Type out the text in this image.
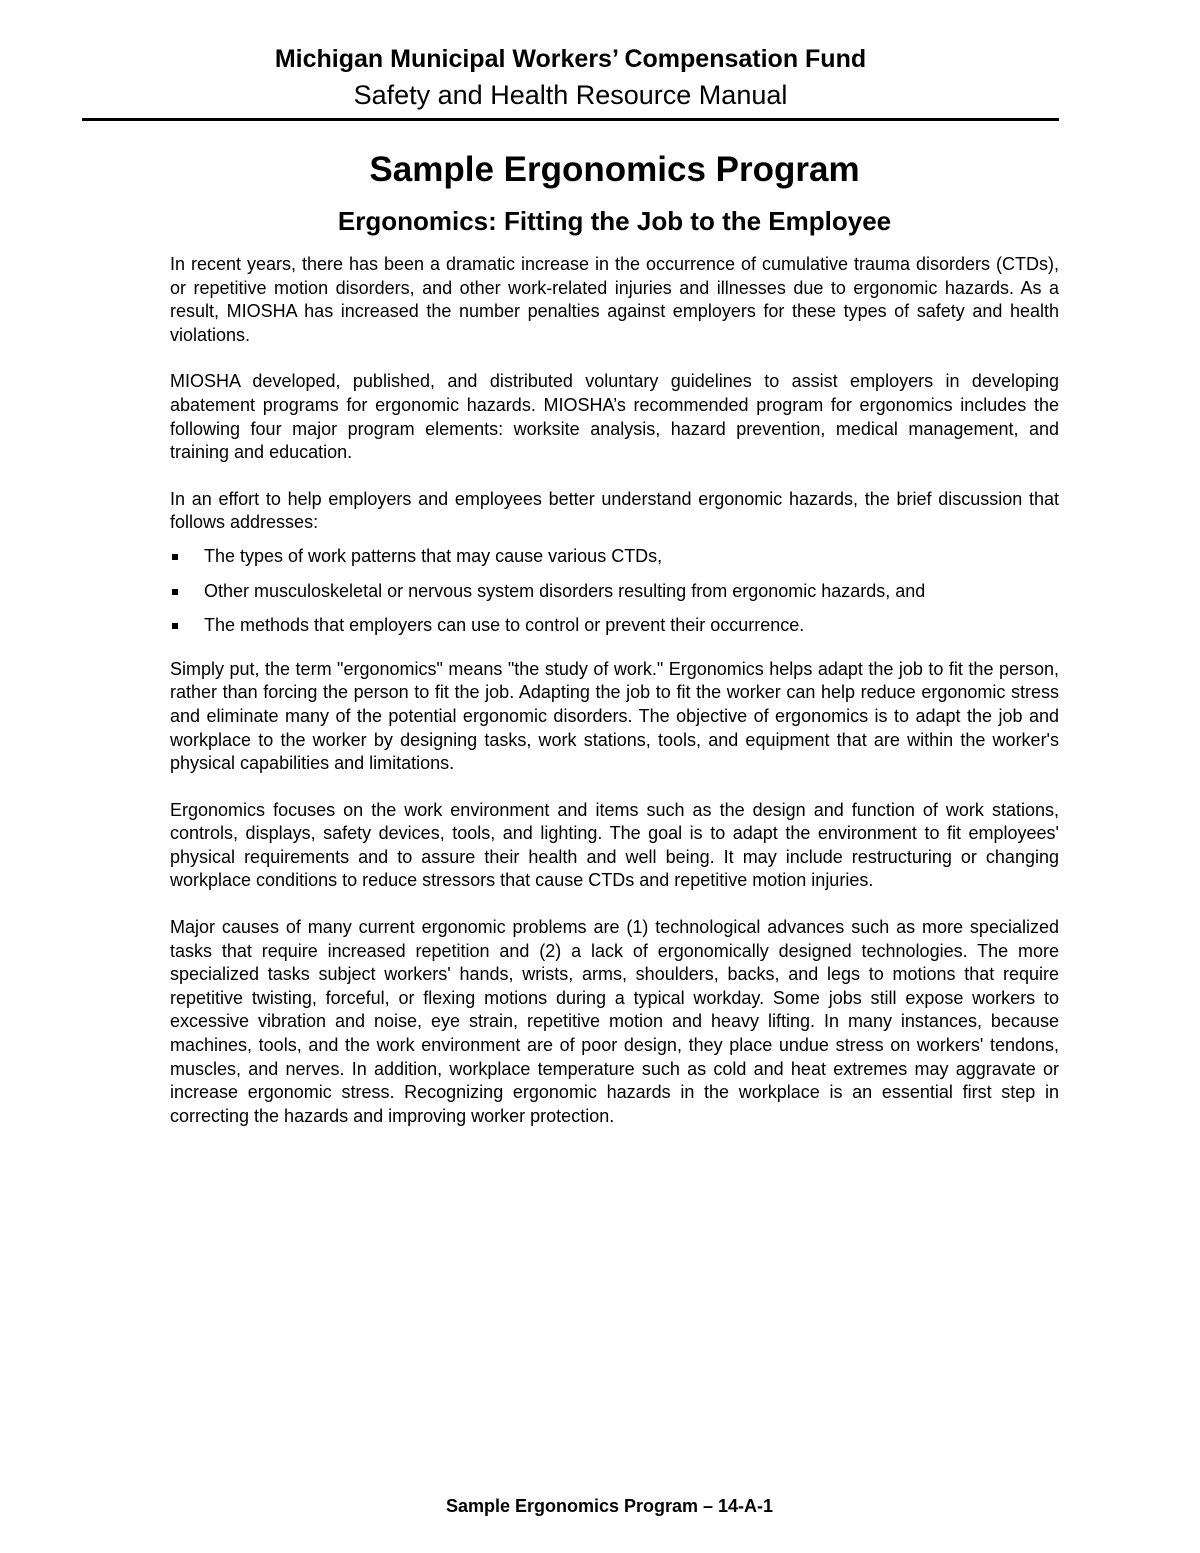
Michigan Municipal Workers’ Compensation Fund

Safety and Health Resource Manual

Sample Ergonomics Program
Ergonomics: Fitting the Job to the Employee

In recent years, there has been a dramatic increase in the occurrence of cumulative trauma disorders (CTDs), or repetitive motion disorders, and other work-related injuries and illnesses due to ergonomic hazards. As a result, MIOSHA has increased the number penalties against employers for these types of safety and health violations.

MIOSHA developed, published, and distributed voluntary guidelines to assist employers in developing abatement programs for ergonomic hazards. MIOSHA’s recommended program for ergonomics includes the following four major program elements: worksite analysis, hazard prevention, medical management, and training and education.

In an effort to help employers and employees better understand ergonomic hazards, the brief discussion that follows addresses:

The types of work patterns that may cause various CTDs,
Other musculoskeletal or nervous system disorders resulting from ergonomic hazards, and
The methods that employers can use to control or prevent their occurrence.

Simply put, the term "ergonomics" means "the study of work." Ergonomics helps adapt the job to fit the person, rather than forcing the person to fit the job. Adapting the job to fit the worker can help reduce ergonomic stress and eliminate many of the potential ergonomic disorders. The objective of ergonomics is to adapt the job and workplace to the worker by designing tasks, work stations, tools, and equipment that are within the worker's physical capabilities and limitations.

Ergonomics focuses on the work environment and items such as the design and function of work stations, controls, displays, safety devices, tools, and lighting. The goal is to adapt the environment to fit employees' physical requirements and to assure their health and well being. It may include restructuring or changing workplace conditions to reduce stressors that cause CTDs and repetitive motion injuries.

Major causes of many current ergonomic problems are (1) technological advances such as more specialized tasks that require increased repetition and (2) a lack of ergonomically designed technologies. The more specialized tasks subject workers' hands, wrists, arms, shoulders, backs, and legs to motions that require repetitive twisting, forceful, or flexing motions during a typical workday. Some jobs still expose workers to excessive vibration and noise, eye strain, repetitive motion and heavy lifting. In many instances, because machines, tools, and the work environment are of poor design, they place undue stress on workers' tendons, muscles, and nerves. In addition, workplace temperature such as cold and heat extremes may aggravate or increase ergonomic stress. Recognizing ergonomic hazards in the workplace is an essential first step in correcting the hazards and improving worker protection.

Sample Ergonomics Program – 14-A-1
